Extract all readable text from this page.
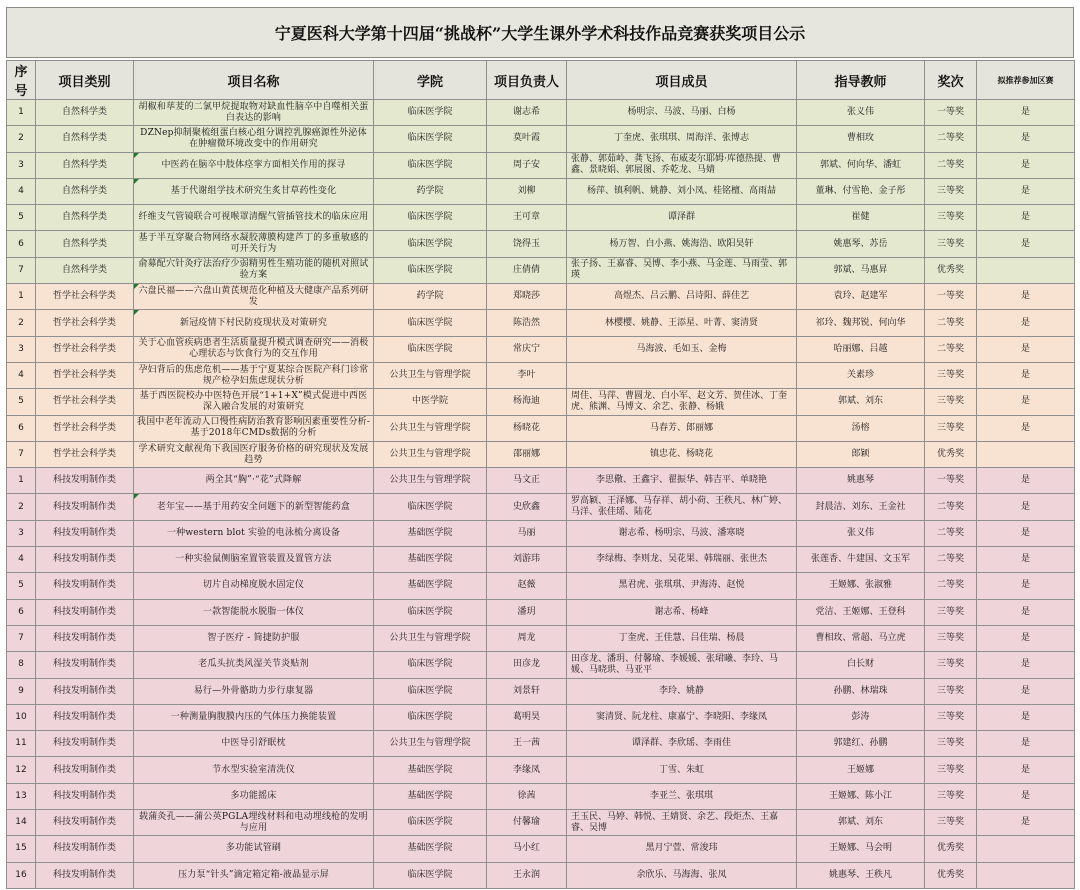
宁夏医科大学第十四届“挑战杯”大学生课外学术科技作品竞赛获奖项目公示
序号	项目类别	项目名称	学院	项目负责人	项目成员	指导教师	奖次	拟推荐参加区赛
1	自然科学类	胡椒和荜茇的二氯甲烷提取物对缺血性脑卒中自噬相关蛋白表达的影响	临床医学院	谢志希	杨明宗、马波、马丽、白杨	张义伟	一等奖	是
2	自然科学类	DZNep抑制聚梳组蛋白核心组分调控乳腺癌源性外泌体在肿瘤微环境改变中的作用研究	临床医学院	莫叶霞	丁奎虎、张琪琪、周海洋、张博志	曹相玫	二等奖	是
3	自然科学类	中医药在脑卒中肢体痉挛方面相关作用的探寻	临床医学院	周子安	张静、郭茹岭、龚飞扬、布威麦尔耶姆·库德热提、曹鑫、景晓娟、郭展图、乔乾龙、马婧	郭斌、何向华、潘虹	二等奖	是
4	自然科学类	基于代谢组学技术研究生炙甘草药性变化	药学院	刘柳	杨萍、镇利帆、姚静、刘小凤、桂铭檀、高雨喆	董琳、付雪艳、金子彤	三等奖	是
5	自然科学类	纤维支气管镜联合可视喉罩清醒气管插管技术的临床应用	临床医学院	王可章	谭泽群	崔健	三等奖	是
6	自然科学类	基于半互穿聚合物网络水凝胶薄膜构建芦丁的多重敏感的可开关行为	临床医学院	饶得玉	杨万智、白小燕、姚海浩、欧阳昊轩	姚惠琴、苏岳	三等奖	是
7	自然科学类	俞募配穴针灸疗法治疗少弱精男性生殖功能的随机对照试验方案	临床医学院	庄倩倩	张子扬、王嘉睿、吴博、李小燕、马金莲、马雨莹、郭瑛	郭斌、马惠昇	优秀奖	
1	哲学社会科学类	六盘民福——六盘山黄芪规范化种植及大健康产品系列研发	药学院	郑晓莎	高煜杰、吕云鹏、吕诗阳、薛佳艺	袁玲、赵建军	一等奖	是
2	哲学社会科学类	新冠疫情下村民防疫现状及对策研究	临床医学院	陈浩然	林樱樱、姚静、王添星、叶菁、窦清贤	祁玲、魏邦锐、何向华	二等奖	是
3	哲学社会科学类	关于心血管疾病患者生活质量提升模式调查研究——消极心理状态与饮食行为的交互作用	临床医学院	常庆宁	马海波、毛如玉、金梅	哈丽娜、吕越	二等奖	是
4	哲学社会科学类	孕妇背后的焦虑危机——基于宁夏某综合医院产科门诊常规产检孕妇焦虑现状分析	公共卫生与管理学院	李叶		关素珍	三等奖	是
5	哲学社会科学类	基于西医院校办中医特色开展“1+1+X”模式促进中西医深入融合发展的对策研究	中医学院	杨海迪	周佳、马萍、曹圆龙、白小军、赵文芳、贺佳冰、丁奎虎、熊渊、马博文、余艺、张静、杨娥	郭斌、刘东	三等奖	是
6	哲学社会科学类	我国中老年流动人口慢性病防治教育影响因素重要性分析-基于2018年CMDs数据的分析	公共卫生与管理学院	杨晓花	马春芳、郎丽娜	汤榕	三等奖	是
7	哲学社会科学类	学术研究文献视角下我国医疗服务价格的研究现状及发展趋势	公共卫生与管理学院	邵丽娜	镇忠花、杨晓花	郎颖	优秀奖	
1	科技发明制作类	两全其“胸”·“花”式降解	公共卫生与管理学院	马文正	李思儆、王鑫宇、翟振华、韩吉平、单晓艳	姚惠琴	一等奖	是
2	科技发明制作类	老年宝——基于用药安全问题下的新型智能药盒	临床医学院	史欣鑫	罗高颖、王泽娜、马存祥、胡小荷、王秩凡、林广婷、马洋、张佳瑶、陆花	封晨洁、刘东、王金社	二等奖	是
3	科技发明制作类	一种western blot 实验的电泳梳分离设备	基础医学院	马丽	谢志希、杨明宗、马波、潘寒晓	张义伟	二等奖	是
4	科技发明制作类	一种实验鼠侧脑室置管装置及置管方法	基础医学院	刘游玮	李绿梅、李则龙、吴花果、韩瑞丽、张世杰	张莲香、牛建国、文玉军	二等奖	是
5	科技发明制作类	切片自动梯度脱水固定仪	基础医学院	赵薇	黑君虎、张琪琪、尹海涛、赵悦	王姬娜、张淑雅	二等奖	是
6	科技发明制作类	一款智能脱水脱脂一体仪	临床医学院	潘玥	谢志希、杨峰	党洁、王姬娜、王登科	三等奖	是
7	科技发明制作类	智子医疗 - 简捷防护服	公共卫生与管理学院	周龙	丁奎虎、王佳慧、吕佳瑞、杨晨	曹相玫、常超、马立虎	三等奖	是
8	科技发明制作类	老瓜头抗类风湿关节炎贴剂	临床医学院	田彦龙	田彦龙、潘玥、付馨瑜、李媛媛、张珺曦、李玲、马媛、马晓珙、马亚平	白长财	三等奖	是
9	科技发明制作类	易行—外骨骼助力步行康复器	临床医学院	刘景轩	李玲、姚静	孙鹏、林瑞珠	三等奖	是
10	科技发明制作类	一种测量胸腹膜内压的气体压力换能装置	临床医学院	葛明昊	窦清贤、阮龙柱、康嘉宁、李晓阳、李缘凤	彭涛	三等奖	是
11	科技发明制作类	中医导引舒眠枕	公共卫生与管理学院	王一茜	谭泽群、李欣瑶、李雨佳	郭建红、孙鹏	三等奖	是
12	科技发明制作类	节水型实验室清洗仪	基础医学院	李缘凤	丁雪、朱虹	王姬娜	三等奖	是
13	科技发明制作类	多功能摇床	基础医学院	徐茜	李亚兰、张琪琪	王姬娜、陈小江	三等奖	是
14	科技发明制作类	载蒲灸孔——蒲公英PGLA埋线材料和电动埋线枪的发明与应用	临床医学院	付馨瑜	王玉民、马婷、韩悦、王婧贤、余艺、段炬杰、王嘉睿、吴博	郭斌、刘东	三等奖	是
15	科技发明制作类	多功能试管刷	基础医学院	马小红	黑月宁萱、常浚玮	王姬娜、马会明	优秀奖	
16	科技发明制作类	压力泵“针头”滴定箱定箱-液晶显示屏	临床医学院	王永润	余欣乐、马海海、张凤	姚惠琴、王秩凡	优秀奖	
